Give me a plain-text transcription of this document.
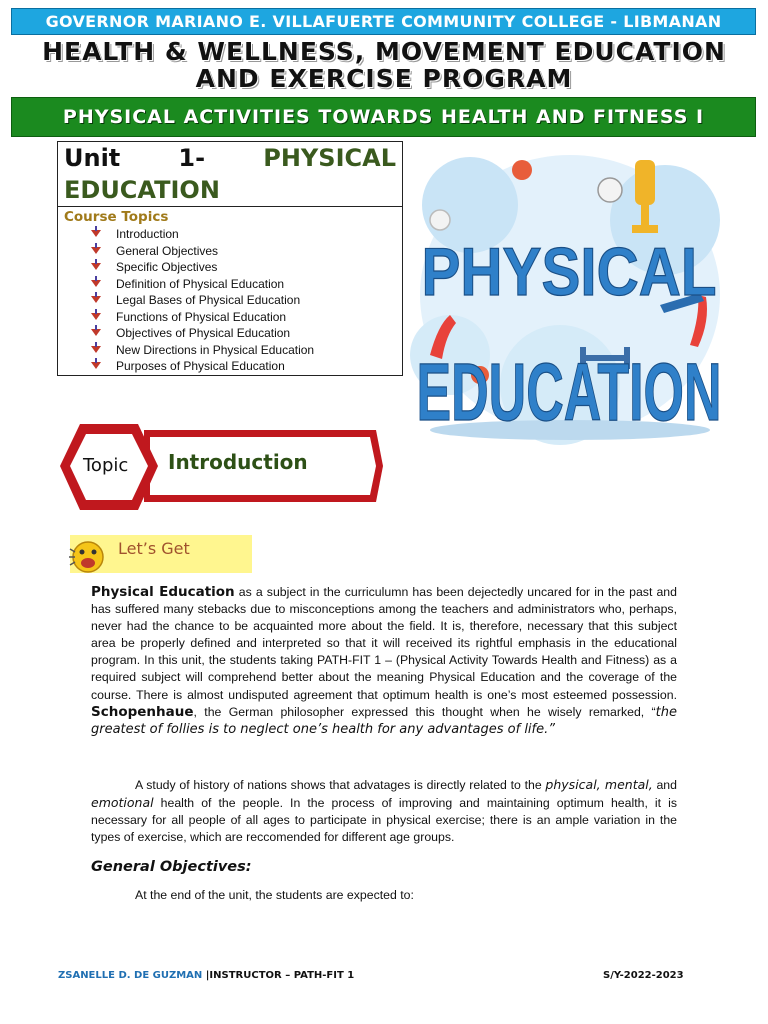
GOVERNOR MARIANO E. VILLAFUERTE COMMUNITY COLLEGE - LIBMANAN
HEALTH & WELLNESS, MOVEMENT EDUCATION
AND EXERCISE PROGRAM
PHYSICAL ACTIVITIES TOWARDS HEALTH AND FITNESS I
Unit 1- PHYSICAL
EDUCATION
Course Topics
Introduction
General Objectives
Specific Objectives
Definition of Physical Education
Legal Bases of Physical Education
Functions of Physical Education
Objectives of Physical Education
New Directions in Physical Education
Purposes of Physical Education
PHYSICAL
EDUCATION
Topic Introduction
Let’s Get
Physical Education as a subject in the curriculumn has been dejectedly uncared for in the past and has suffered many stebacks due to misconceptions among the teachers and administrators who, perhaps, never had the chance to be acquainted more about the field. It is, therefore, necessary that this subject area be properly defined and interpreted so that it will received its rightful emphasis in the educational program. In this unit, the students taking PATH-FIT 1 – (Physical Activity Towards Health and Fitness) as a required subject will comprehend better about the meaning Physical Education and the coverage of the course. There is almost undisputed agreement that optimum health is one’s most esteemed possession. Schopenhaue, the German philosopher expressed this thought when he wisely remarked, “the greatest of follies is to neglect one’s health for any advantages of life.”
A study of history of nations shows that advatages is directly related to the physical, mental, and emotional health of the people. In the process of improving and maintaining optimum health, it is necessary for all people of all ages to participate in physical exercise; there is an ample variation in the types of exercise, which are reccomended for different age groups.
General Objectives:
At the end of the unit, the students are expected to:
ZSANELLE D. DE GUZMAN |INSTRUCTOR – PATH-FIT 1	S/Y-2022-2023
